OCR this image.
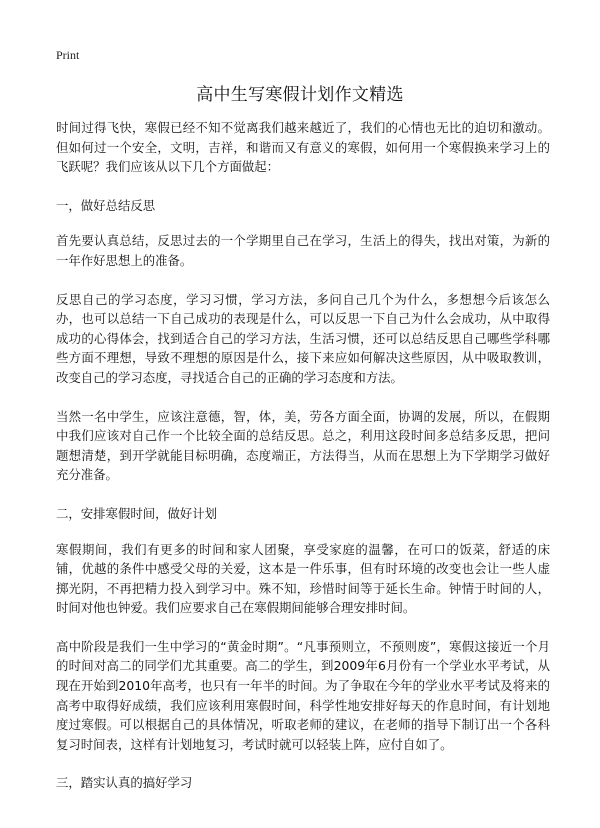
Print
高中生写寒假计划作文精选

时间过得飞快，寒假已经不知不觉离我们越来越近了，我们的心情也无比的迫切和激动。但如何过一个安全，文明，吉祥，和谐而又有意义的寒假，如何用一个寒假换来学习上的飞跃呢？我们应该从以下几个方面做起：

一，做好总结反思

首先要认真总结，反思过去的一个学期里自己在学习，生活上的得失，找出对策，为新的一年作好思想上的准备。

反思自己的学习态度，学习习惯，学习方法，多问自己几个为什么，多想想今后该怎么办，也可以总结一下自己成功的表现是什么，可以反思一下自己为什么会成功，从中取得成功的心得体会，找到适合自己的学习方法，生活习惯，还可以总结反思自己哪些学科哪些方面不理想，导致不理想的原因是什么，接下来应如何解决这些原因，从中吸取教训，改变自己的学习态度，寻找适合自己的正确的学习态度和方法。

当然一名中学生，应该注意德，智，体，美，劳各方面全面，协调的发展，所以，在假期中我们应该对自己作一个比较全面的总结反思。总之，利用这段时间多总结多反思，把问题想清楚，到开学就能目标明确，态度端正，方法得当，从而在思想上为下学期学习做好充分准备。

二，安排寒假时间，做好计划

寒假期间，我们有更多的时间和家人团聚，享受家庭的温馨，在可口的饭菜，舒适的床铺，优越的条件中感受父母的关爱，这本是一件乐事，但有时环境的改变也会让一些人虚掷光阴，不再把精力投入到学习中。殊不知，珍惜时间等于延长生命。钟情于时间的人，时间对他也钟爱。我们应要求自己在寒假期间能够合理安排时间。

高中阶段是我们一生中学习的“黄金时期”。“凡事预则立，不预则废”，寒假这接近一个月的时间对高二的同学们尤其重要。高二的学生，到2009年6月份有一个学业水平考试，从现在开始到2010年高考，也只有一年半的时间。为了争取在今年的学业水平考试及将来的高考中取得好成绩，我们应该利用寒假时间，科学性地安排好每天的作息时间，有计划地度过寒假。可以根据自己的具体情况，听取老师的建议，在老师的指导下制订出一个各科复习时间表，这样有计划地复习，考试时就可以轻装上阵，应付自如了。

三，踏实认真的搞好学习
